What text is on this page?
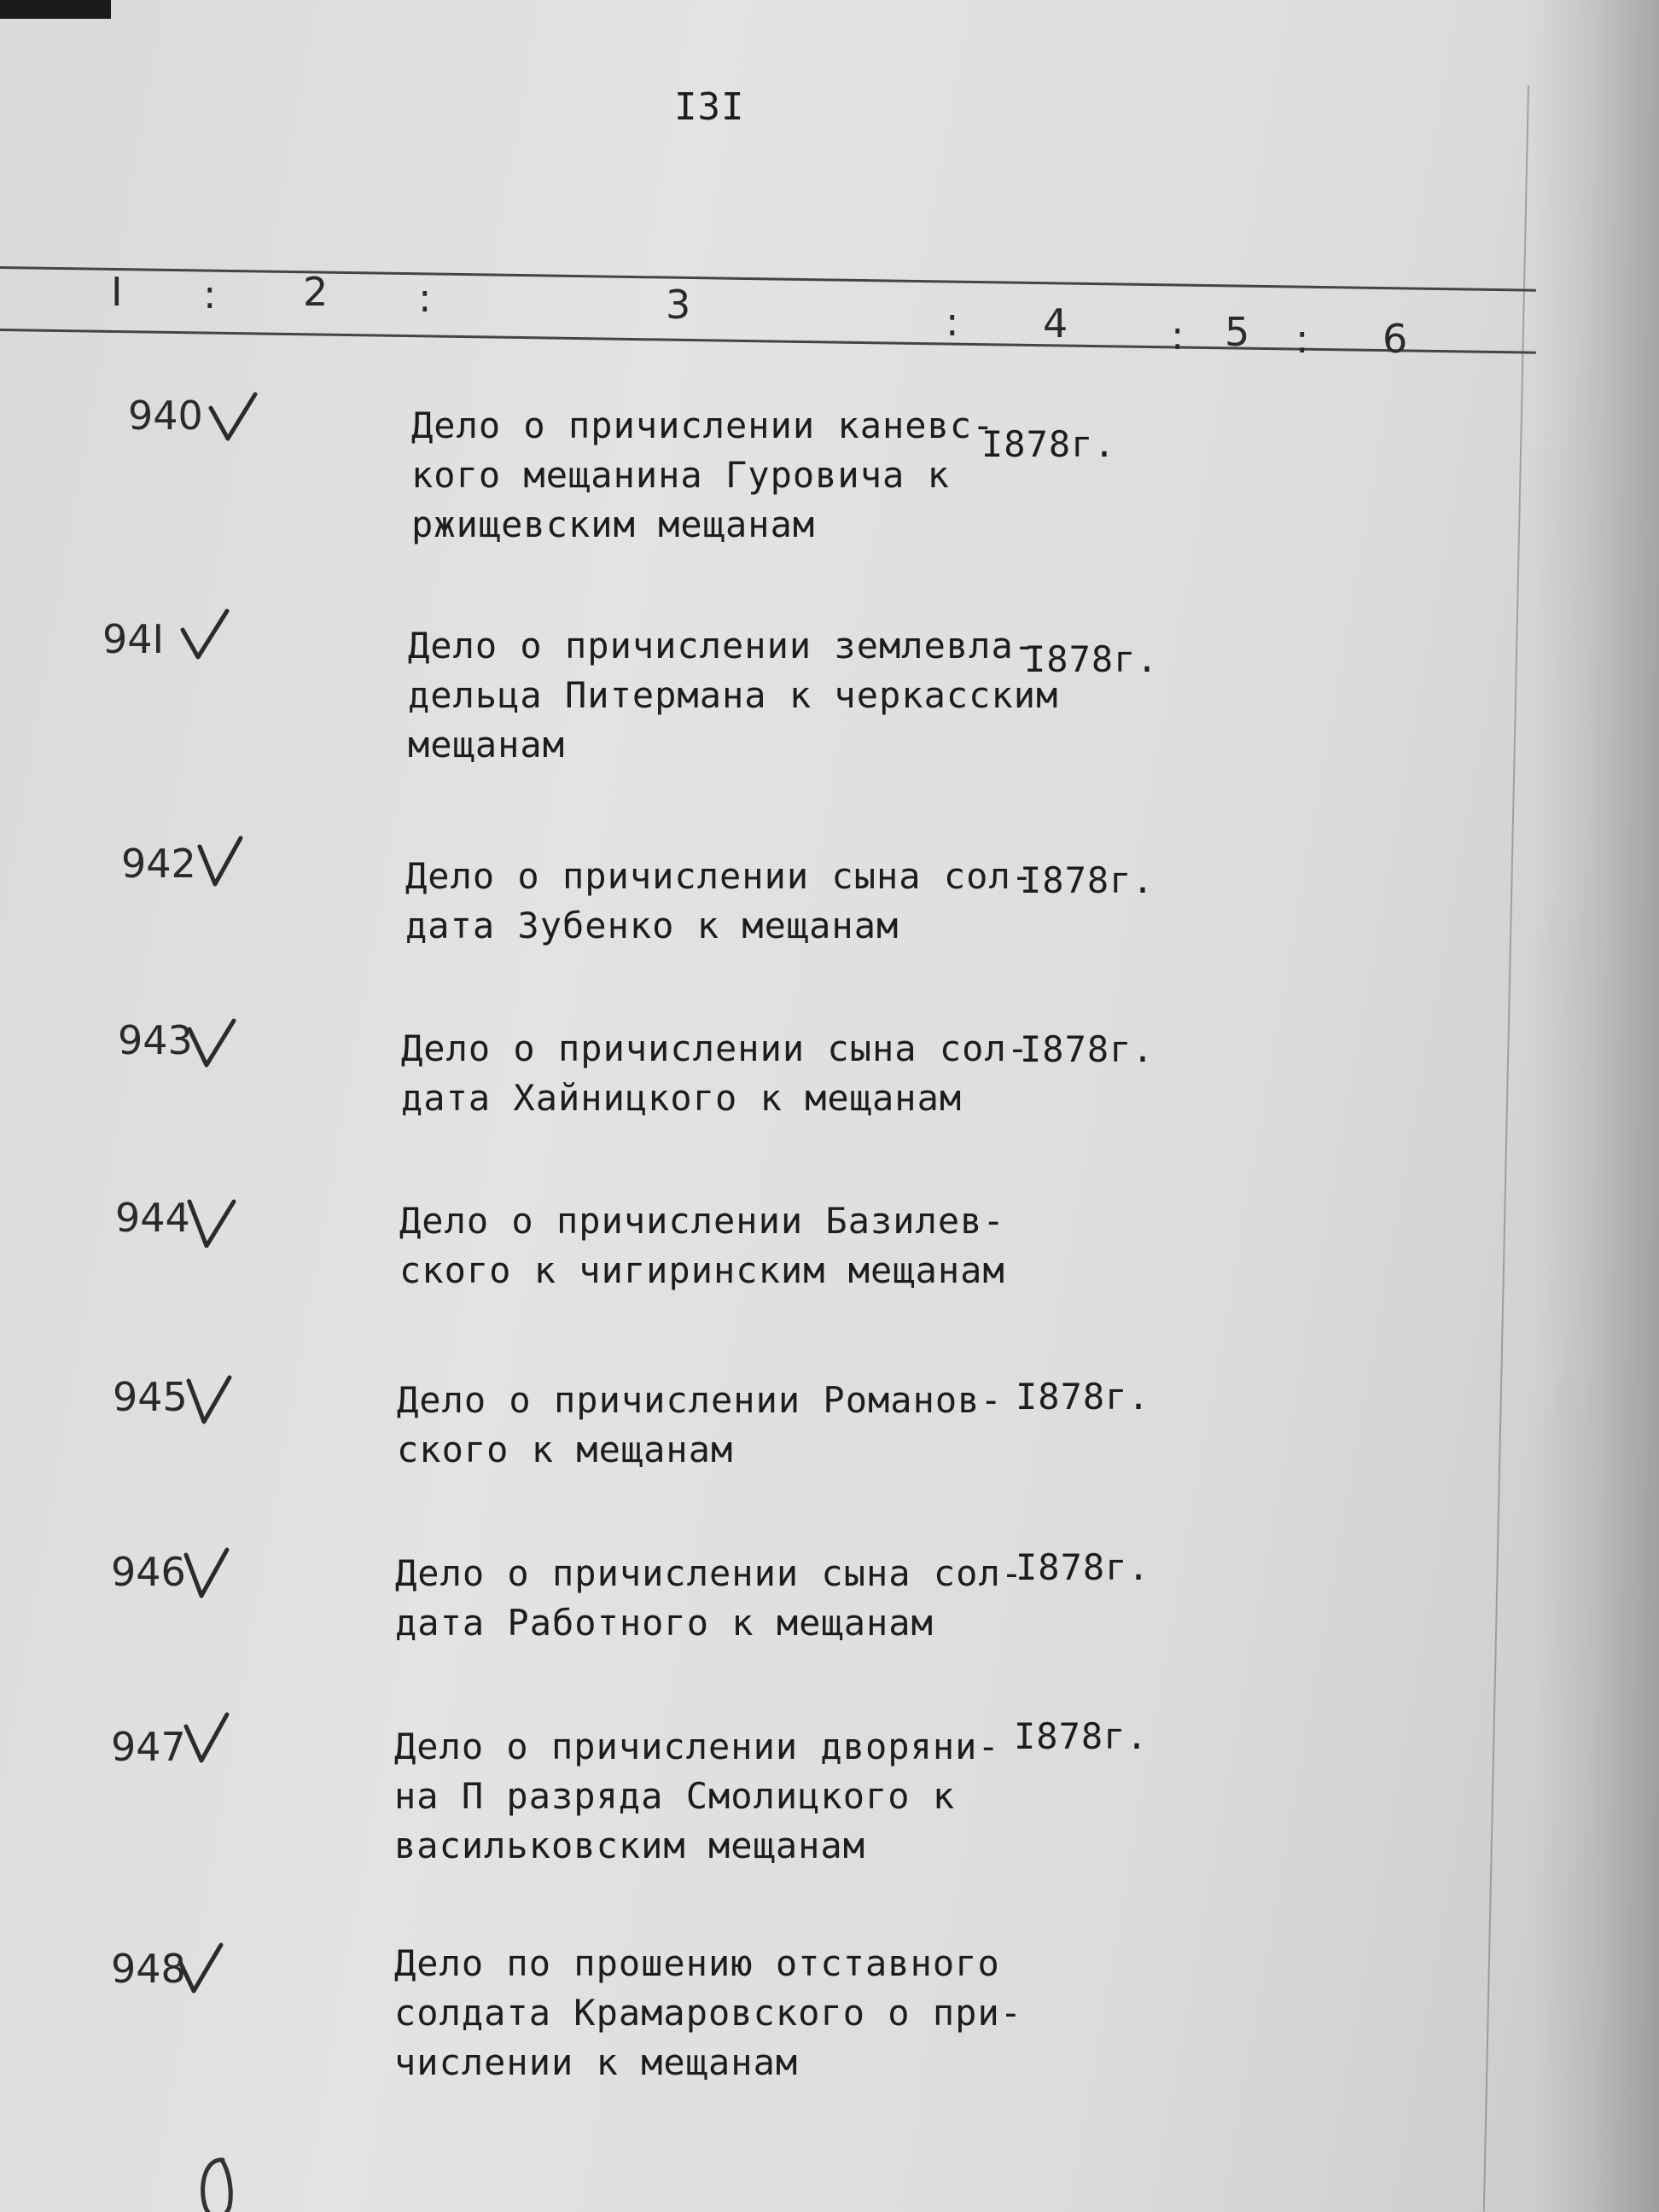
I3I
I : 2 :	3	: 4	: 5 : 6
940	Дело о причислении каневс-
кого мещанина Гуровича к
ржищевским мещанам
I878г.
94I	Дело о причислении землевла-
дельца Питермана к черкасским
мещанам
I878г.
942	Дело о причислении сына сол-
дата Зубенко к мещанам
I878г.
943	Дело о причислении сына сол-
дата Хайницкого к мещанам
I878г.
944	Дело о причислении Базилев-
ского к чигиринским мещанам
945	Дело о причислении Романов-
ского к мещанам
I878г.
946	Дело о причислении сына сол-
дата Работного к мещанам
I878г.
947	Дело о причислении дворяни-
на П разряда Смолицкого к
васильковским мещанам
I878г.
948	Дело по прошению отставного
солдата Крамаровского о при-
числении к мещанам
